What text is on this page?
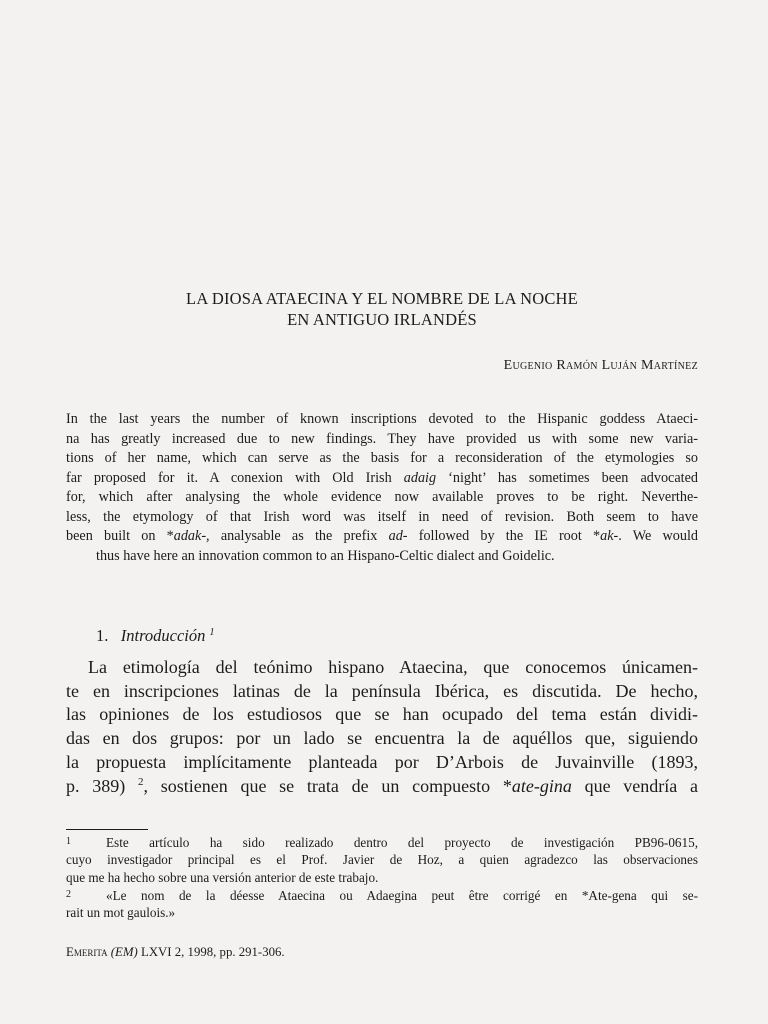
LA DIOSA ATAECINA Y EL NOMBRE DE LA NOCHE
EN ANTIGUO IRLANDÉS
Eugenio Ramón Luján Martínez
In the last years the number of known inscriptions devoted to the Hispanic goddess Ataeci-
na has greatly increased due to new findings. They have provided us with some new varia-
tions of her name, which can serve as the basis for a reconsideration of the etymologies so
far proposed for it. A conexion with Old Irish adaig ‘night’ has sometimes been advocated
for, which after analysing the whole evidence now available proves to be right. Neverthe-
less, the etymology of that Irish word was itself in need of revision. Both seem to have
been built on *adak-, analysable as the prefix ad- followed by the IE root *ak-. We would
thus have here an innovation common to an Hispano-Celtic dialect and Goidelic.
1. Introducción $^1$
La etimología del teónimo hispano Ataecina, que conocemos únicamen-
te en inscripciones latinas de la península Ibérica, es discutida. De hecho,
las opiniones de los estudiosos que se han ocupado del tema están dividi-
das en dos grupos: por un lado se encuentra la de aquéllos que, siguiendo
la propuesta implícitamente planteada por D’Arbois de Juvainville (1893,
p. 389) $^2$, sostienen que se trata de un compuesto *ate-gina que vendría a
1	Este artículo ha sido realizado dentro del proyecto de investigación PB96-0615,
cuyo investigador principal es el Prof. Javier de Hoz, a quien agradezco las observaciones
que me ha hecho sobre una versión anterior de este trabajo.
2	«Le nom de la déesse Ataecina ou Adaegina peut être corrigé en *Ate-gena qui se-
rait un mot gaulois.»
Emerita (EM) LXVI 2, 1998, pp. 291-306.
